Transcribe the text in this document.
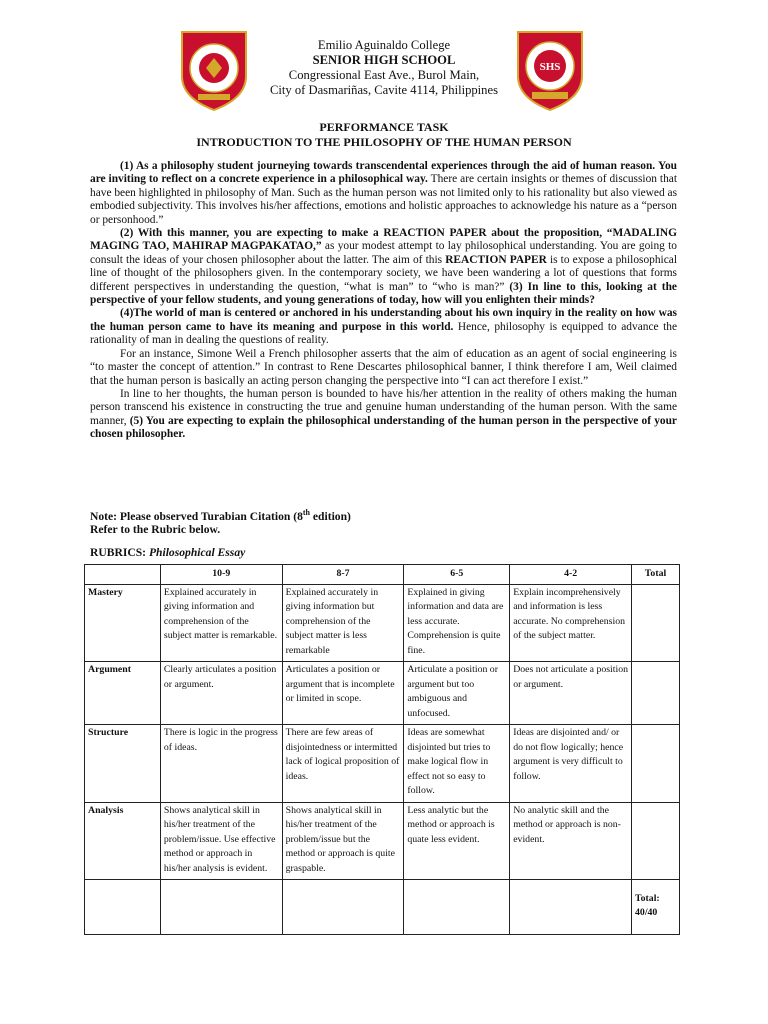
SHS
Emilio Aguinaldo College
SENIOR HIGH SCHOOL
Congressional East Ave., Burol Main,
City of Dasmariñas, Cavite 4114, Philippines
PERFORMANCE TASK
INTRODUCTION TO THE PHILOSOPHY OF THE HUMAN PERSON

(1) As a philosophy student journeying towards transcendental experiences through the aid of human reason. You are inviting to reflect on a concrete experience in a philosophical way. There are certain insights or themes of discussion that have been highlighted in philosophy of Man. Such as the human person was not limited only to his rationality but also viewed as embodied subjectivity. This involves his/her affections, emotions and holistic approaches to acknowledge his nature as a “person or personhood.”

(2) With this manner, you are expecting to make a REACTION PAPER about the proposition, “MADALING MAGING TAO, MAHIRAP MAGPAKATAO,” as your modest attempt to lay philosophical understanding. You are going to consult the ideas of your chosen philosopher about the latter. The aim of this REACTION PAPER is to expose a philosophical line of thought of the philosophers given. In the contemporary society, we have been wandering a lot of questions that forms different perspectives in understanding the question, “what is man” to “who is man?” (3) In line to this, looking at the perspective of your fellow students, and young generations of today, how will you enlighten their minds?

(4)The world of man is centered or anchored in his understanding about his own inquiry in the reality on how was the human person came to have its meaning and purpose in this world. Hence, philosophy is equipped to advance the rationality of man in dealing the questions of reality.

For an instance, Simone Weil a French philosopher asserts that the aim of education as an agent of social engineering is “to master the concept of attention.” In contrast to Rene Descartes philosophical banner, I think therefore I am, Weil claimed that the human person is basically an acting person changing the perspective into “I can act therefore I exist.”

In line to her thoughts, the human person is bounded to have his/her attention in the reality of others making the human person transcend his existence in constructing the true and genuine human understanding of the human person. With the same manner, (5) You are expecting to explain the philosophical understanding of the human person in the perspective of your chosen philosopher.

Note: Please observed Turabian Citation (8th edition)
Refer to the Rubric below.
RUBRICS: Philosophical Essay
	10-9	8-7	6-5	4-2	Total
Mastery	Explained accurately in giving information and comprehension of the subject matter is remarkable.	Explained accurately in giving information but comprehension of the subject matter is less remarkable	Explained in giving information and data are less accurate. Comprehension is quite fine.	Explain incomprehensively and information is less accurate. No comprehension of the subject matter.	
Argument	Clearly articulates a position or argument.	Articulates a position or argument that is incomplete or limited in scope.	Articulate a position or argument but too ambiguous and unfocused.	Does not articulate a position or argument.	
Structure	There is logic in the progress of ideas.	There are few areas of disjointedness or intermitted lack of logical proposition of ideas.	Ideas are somewhat disjointed but tries to make logical flow in effect not so easy to follow.	Ideas are disjointed and/ or do not flow logically; hence argument is very difficult to follow.	
Analysis	Shows analytical skill in his/her treatment of the problem/issue. Use effective method or approach in his/her analysis is evident.	Shows analytical skill in his/her treatment of the problem/issue but the method or approach is quite graspable.	Less analytic but the method or approach is quate less evident.	No analytic skill and the method or approach is non-evident.	

					Total:
40/40
